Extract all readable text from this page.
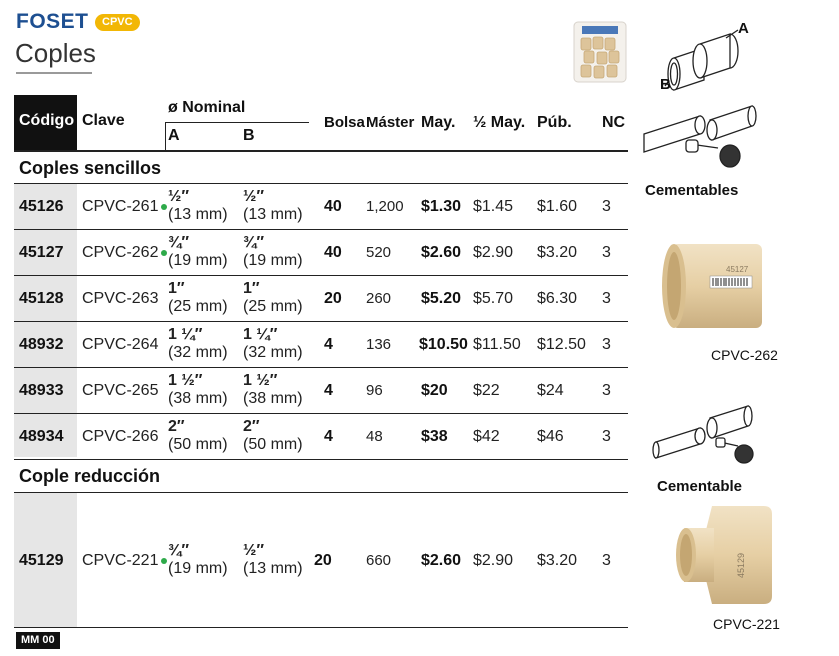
FOSET	CPVC
Coples
Código Clave
ø Nominal
A	B
Bolsa Máster May. ½ May. Púb. NC
Coples sencillos
45126 CPVC-261
½″
(13 mm)
½″
(13 mm) 40 1,200 $1.30 $1.45 $1.60 3
45127 CPVC-262
¾″
(19 mm)
¾″
(19 mm) 40 520 $2.60 $2.90 $3.20 3
45128 CPVC-263
1″
(25 mm)
1″
(25 mm) 20 260 $5.20 $5.70 $6.30 3
48932 CPVC-264
1 ¼″
(32 mm)
1 ¼″
(32 mm) 4 136 $10.50 $11.50 $12.50 3
48933 CPVC-265
1 ½″
(38 mm)
1 ½″
(38 mm) 4 96 $20 $22 $24 3
48934 CPVC-266
2″
(50 mm)
2″
(50 mm) 4 48 $38 $42 $46 3
Cople reducción
45129 CPVC-221
¾″
(19 mm)
½″
(13 mm) 20 660 $2.60 $2.90 $3.20 3
MM 00
A
B
Cementables
45127
CPVC-262
Cementable
45129
CPVC-221
